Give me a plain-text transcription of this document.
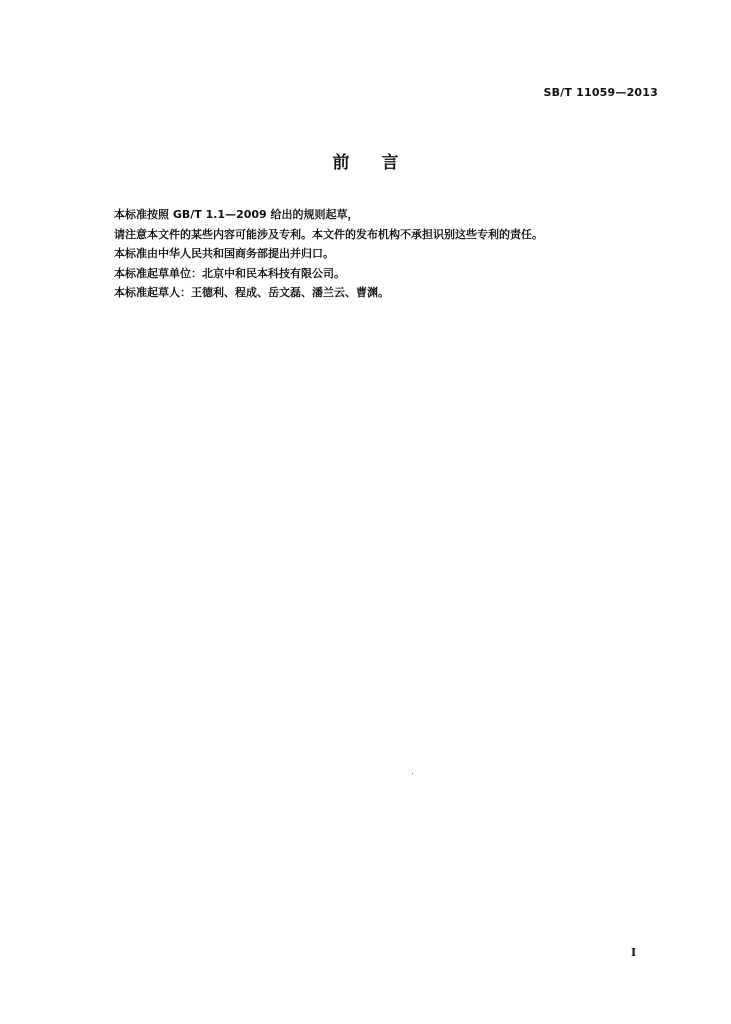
SB/T 11059—2013
前 言
本标准按照 GB/T 1.1—2009 给出的规则起草，
请注意本文件的某些内容可能涉及专利。本文件的发布机构不承担识别这些专利的责任。
本标准由中华人民共和国商务部提出并归口。
本标准起草单位：北京中和民本科技有限公司。
本标准起草人：王德利、程成、岳文磊、潘兰云、曹渊。
I
